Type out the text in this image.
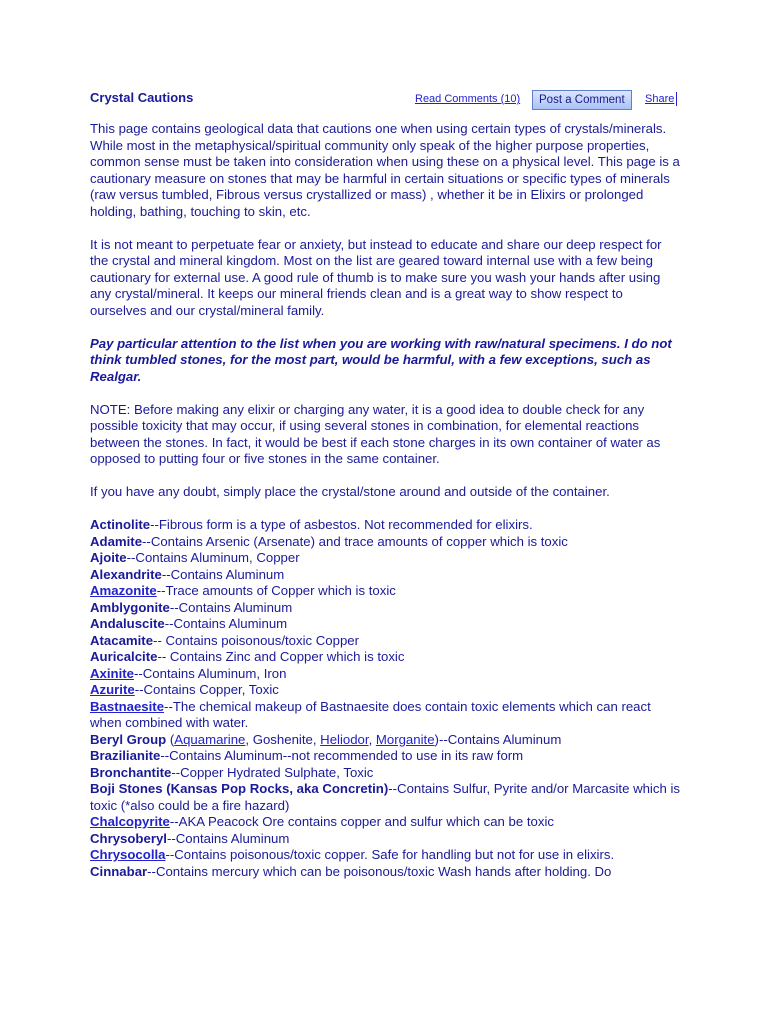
Crystal Cautions	Read Comments (10)	Post a Comment	Share

This page contains geological data that cautions one when using certain types of crystals/minerals. While most in the metaphysical/spiritual community only speak of the higher purpose properties, common sense must be taken into consideration when using these on a physical level. This page is a cautionary measure on stones that may be harmful in certain situations or specific types of minerals (raw versus tumbled, Fibrous versus crystallized or mass) , whether it be in Elixirs or prolonged holding, bathing, touching to skin, etc.

It is not meant to perpetuate fear or anxiety, but instead to educate and share our deep respect for the crystal and mineral kingdom. Most on the list are geared toward internal use with a few being cautionary for external use. A good rule of thumb is to make sure you wash your hands after using any crystal/mineral. It keeps our mineral friends clean and is a great way to show respect to ourselves and our crystal/mineral family.

Pay particular attention to the list when you are working with raw/natural specimens. I do not think tumbled stones, for the most part, would be harmful, with a few exceptions, such as Realgar.

NOTE: Before making any elixir or charging any water, it is a good idea to double check for any possible toxicity that may occur, if using several stones in combination, for elemental reactions between the stones. In fact, it would be best if each stone charges in its own container of water as opposed to putting four or five stones in the same container.

If you have any doubt, simply place the crystal/stone around and outside of the container.

Actinolite--Fibrous form is a type of asbestos. Not recommended for elixirs.
Adamite--Contains Arsenic (Arsenate) and trace amounts of copper which is toxic
Ajoite--Contains Aluminum, Copper
Alexandrite--Contains Aluminum
Amazonite--Trace amounts of Copper which is toxic
Amblygonite--Contains Aluminum
Andaluscite--Contains Aluminum
Atacamite-- Contains poisonous/toxic Copper
Auricalcite-- Contains Zinc and Copper which is toxic
Axinite--Contains Aluminum, Iron
Azurite--Contains Copper, Toxic
Bastnaesite--The chemical makeup of Bastnaesite does contain toxic elements which can react when combined with water.
Beryl Group (Aquamarine, Goshenite, Heliodor, Morganite)--Contains Aluminum
Brazilianite--Contains Aluminum--not recommended to use in its raw form
Bronchantite--Copper Hydrated Sulphate, Toxic
Boji Stones (Kansas Pop Rocks, aka Concretin)--Contains Sulfur, Pyrite and/or Marcasite which is toxic (*also could be a fire hazard)
Chalcopyrite--AKA Peacock Ore contains copper and sulfur which can be toxic
Chrysoberyl--Contains Aluminum
Chrysocolla--Contains poisonous/toxic copper. Safe for handling but not for use in elixirs.
Cinnabar--Contains mercury which can be poisonous/toxic Wash hands after holding. Do
